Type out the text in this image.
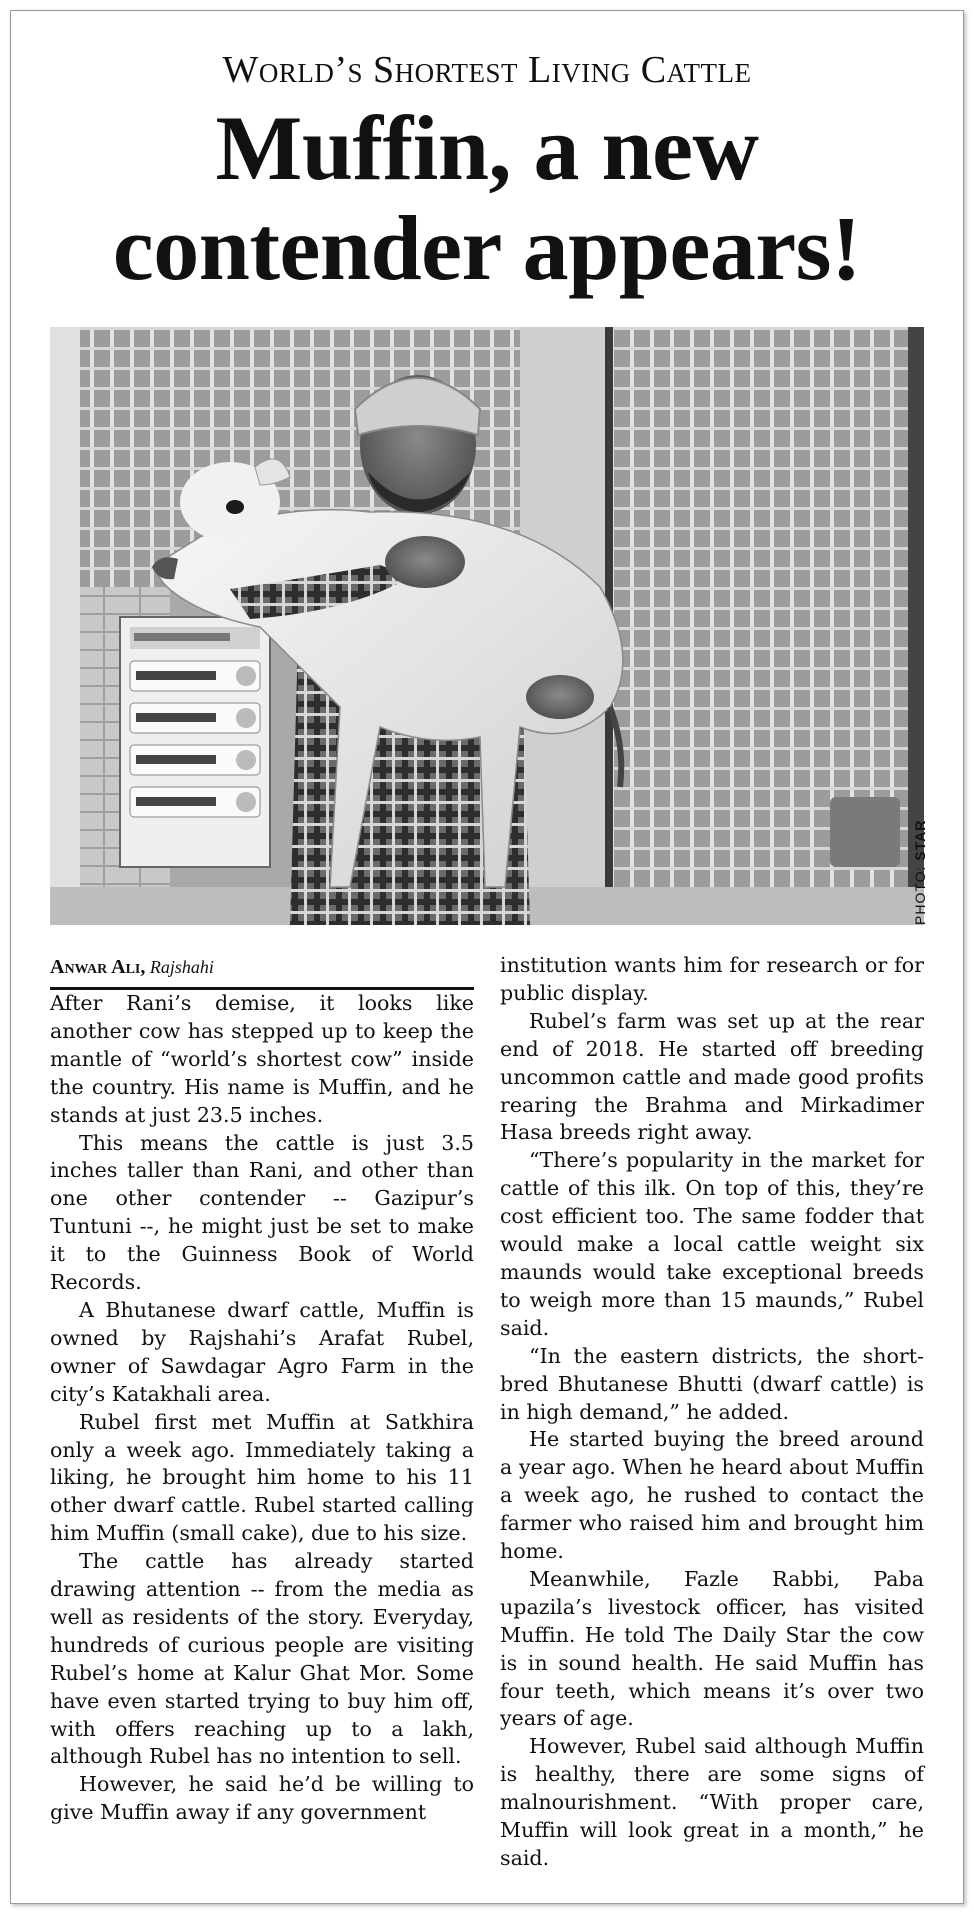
World’s Shortest Living Cattle
Muffin, a new
contender appears!
PHOTO: STAR

Anwar Ali, Rajshahi

After Rani’s demise, it looks like another cow has stepped up to keep the mantle of “world’s shortest cow” inside the country. His name is Muffin, and he stands at just 23.5 inches.

This means the cattle is just 3.5 inches taller than Rani, and other than one other contender -- Gazipur’s Tuntuni --, he might just be set to make it to the Guinness Book of World Records.

A Bhutanese dwarf cattle, Muffin is owned by Rajshahi’s Arafat Rubel, owner of Sawdagar Agro Farm in the city’s Katakhali area.

Rubel first met Muffin at Satkhira only a week ago. Immediately taking a liking, he brought him home to his 11 other dwarf cattle. Rubel started calling him Muffin (small cake), due to his size.

The cattle has already started drawing attention -- from the media as well as residents of the story. Everyday, hundreds of curious people are visiting Rubel’s home at Kalur Ghat Mor. Some have even started trying to buy him off, with offers reaching up to a lakh, although Rubel has no intention to sell.

However, he said he’d be willing to give Muffin away if any government

institution wants him for research or for public display.

Rubel’s farm was set up at the rear end of 2018. He started off breeding uncommon cattle and made good profits rearing the Brahma and Mirkadimer Hasa breeds right away.

“There’s popularity in the market for cattle of this ilk. On top of this, they’re cost efficient too. The same fodder that would make a local cattle weight six maunds would take exceptional breeds to weigh more than 15 maunds,” Rubel said.

“In the eastern districts, the short-bred Bhutanese Bhutti (dwarf cattle) is in high demand,” he added.

He started buying the breed around a year ago. When he heard about Muffin a week ago, he rushed to contact the farmer who raised him and brought him home.

Meanwhile, Fazle Rabbi, Paba upazila’s livestock officer, has visited Muffin. He told The Daily Star the cow is in sound health. He said Muffin has four teeth, which means it’s over two years of age.

However, Rubel said although Muffin is healthy, there are some signs of malnourishment. “With proper care, Muffin will look great in a month,” he said.
